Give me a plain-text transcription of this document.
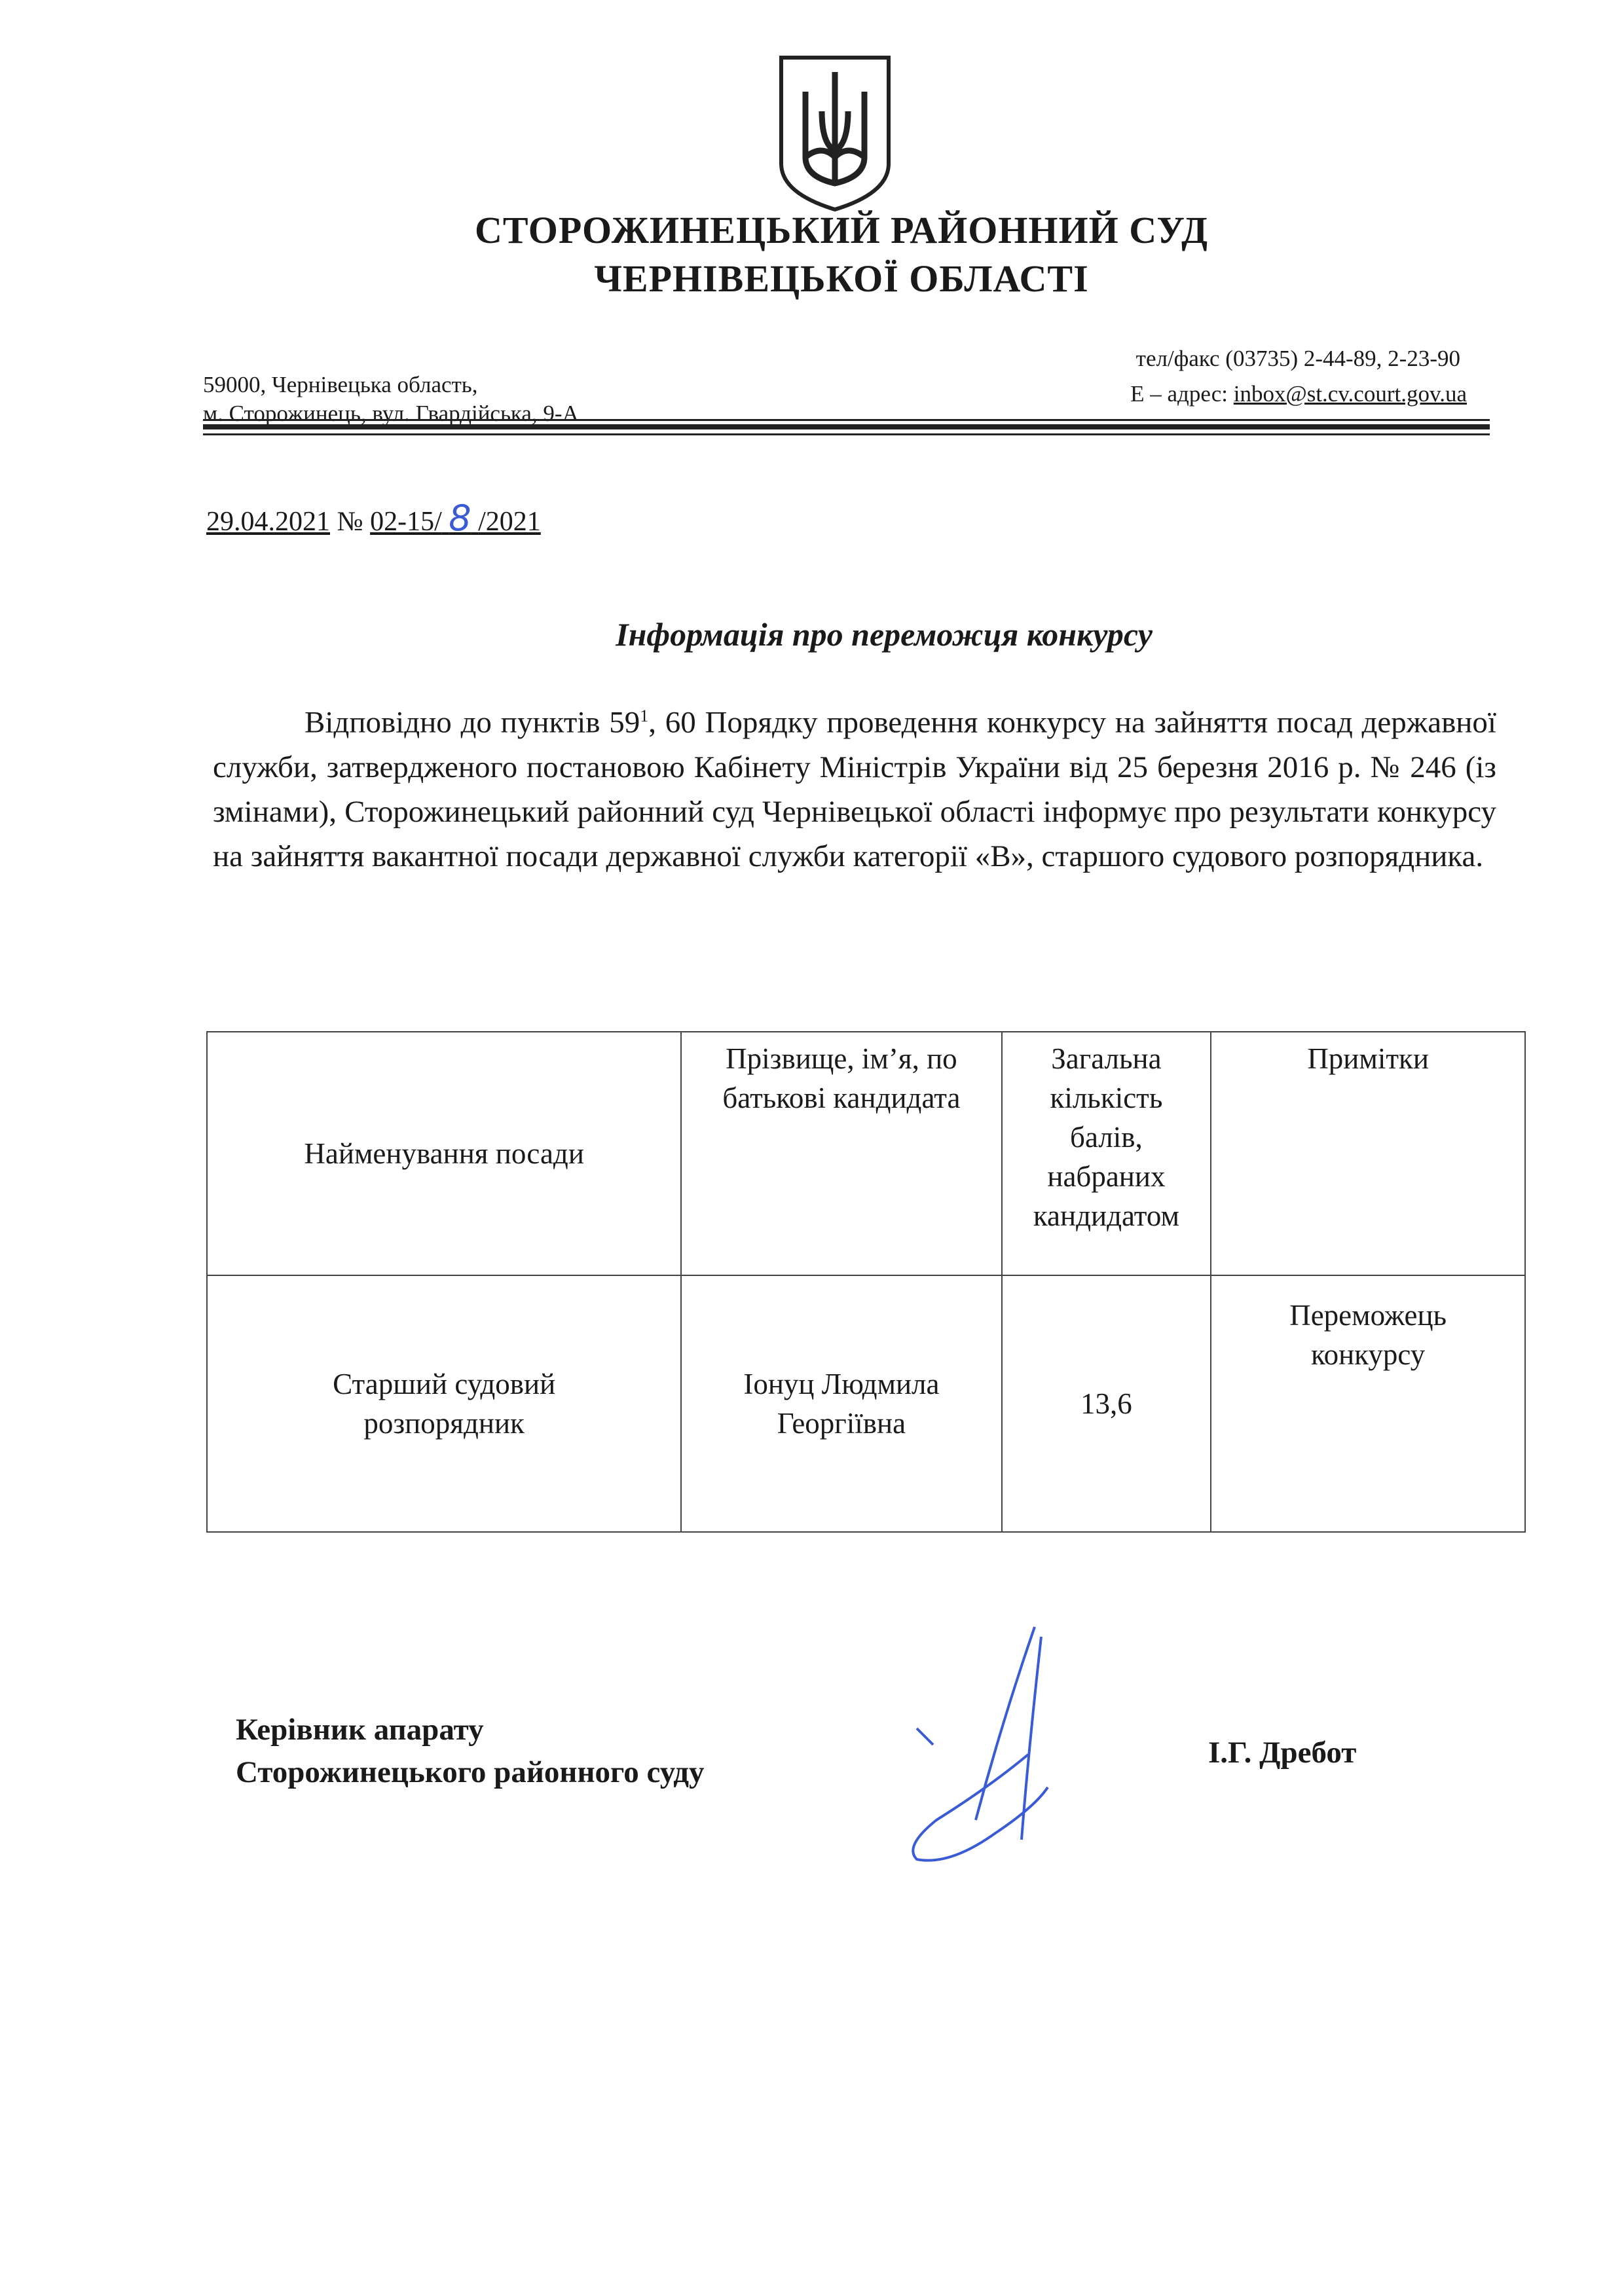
СТОРОЖИНЕЦЬКИЙ РАЙОННИЙ СУД
ЧЕРНІВЕЦЬКОЇ ОБЛАСТІ
59000, Чернівецька область,
м. Сторожинець, вул. Гвардійська, 9-А
тел/факс (03735) 2-44-89, 2-23-90
Е – адрес: inbox@st.cv.court.gov.ua
29.04.2021 № 02-15/ 8 /2021
Інформація про переможця конкурсу
Відповідно до пунктів $59^1$, 60 Порядку проведення конкурсу на зайняття посад державної служби, затвердженого постановою Кабінету Міністрів України від 25 березня 2016 р. № 246 (із змінами), Сторожинецький районний суд Чернівецької області інформує про результати конкурсу на зайняття вакантної посади державної служби категорії «В», старшого судового розпорядника.
Найменування посади	Прізвище, ім’я, по батькові кандидата	Загальна кількість балів, набраних кандидатом	Примітки
Старший судовий розпорядник	Іонуц Людмила Георгіївна	13,6	Переможець конкурсу
Керівник апарату
Сторожинецького районного суду
І.Г. Дребот
